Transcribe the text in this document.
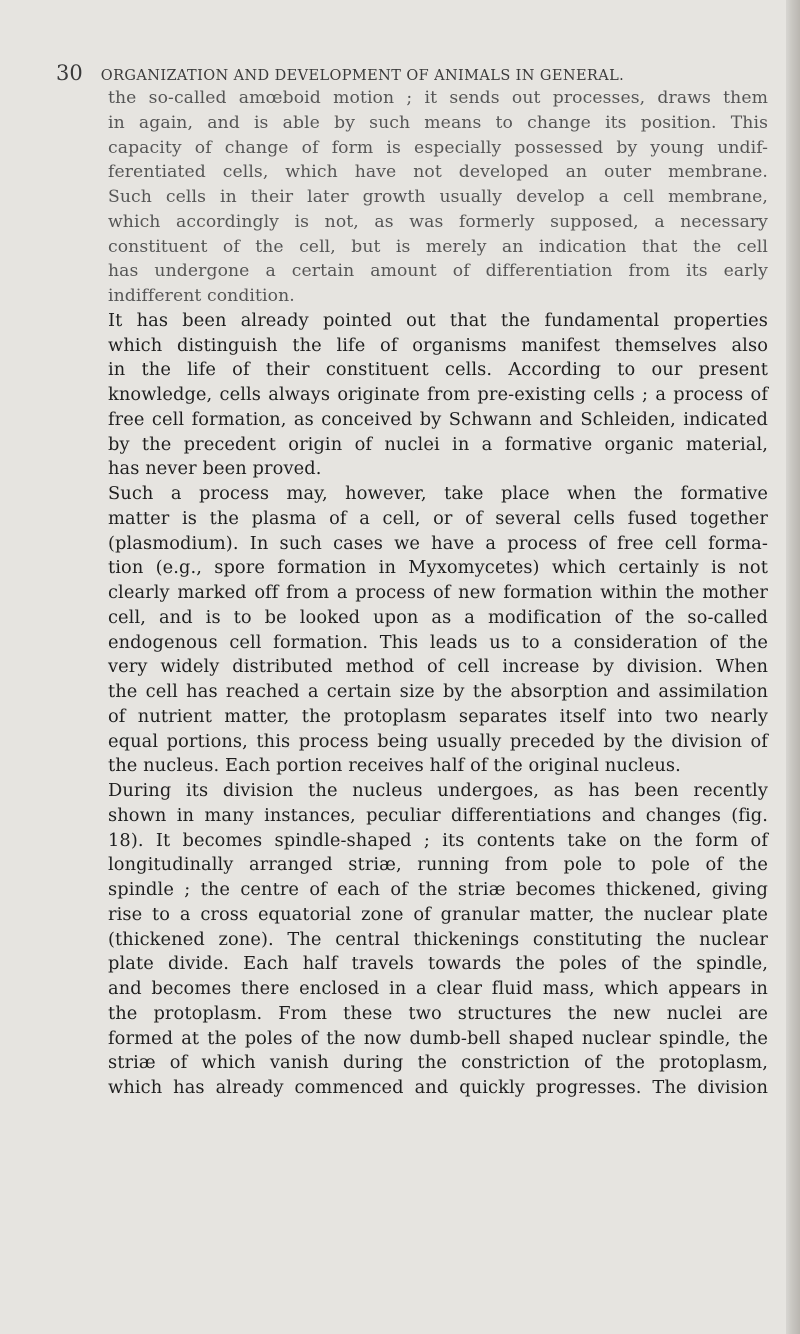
30 ORGANIZATION AND DEVELOPMENT OF ANIMALS IN GENERAL.
the so-called amœboid motion ; it sends out processes, draws them
in again, and is able by such means to change its position. This
capacity of change of form is especially possessed by young undif-
ferentiated cells, which have not developed an outer membrane.
Such cells in their later growth usually develop a cell membrane,
which accordingly is not, as was formerly supposed, a necessary
constituent of the cell, but is merely an indication that the cell
has undergone a certain amount of differentiation from its early
indifferent condition.
It has been already pointed out that the fundamental properties
which distinguish the life of organisms manifest themselves also
in the life of their constituent cells. According to our present
knowledge, cells always originate from pre-existing cells ; a process of
free cell formation, as conceived by Schwann and Schleiden, indicated
by the precedent origin of nuclei in a formative organic material,
has never been proved.
Such a process may, however, take place when the formative
matter is the plasma of a cell, or of several cells fused together
(plasmodium). In such cases we have a process of free cell forma-
tion (e.g., spore formation in Myxomycetes) which certainly is not
clearly marked off from a process of new formation within the mother
cell, and is to be looked upon as a modification of the so-called
endogenous cell formation. This leads us to a consideration of the
very widely distributed method of cell increase by division. When
the cell has reached a certain size by the absorption and assimilation
of nutrient matter, the protoplasm separates itself into two nearly
equal portions, this process being usually preceded by the division of
the nucleus. Each portion receives half of the original nucleus.
During its division the nucleus undergoes, as has been recently
shown in many instances, peculiar differentiations and changes (fig.
18). It becomes spindle-shaped ; its contents take on the form of
longitudinally arranged striæ, running from pole to pole of the
spindle ; the centre of each of the striæ becomes thickened, giving
rise to a cross equatorial zone of granular matter, the nuclear plate
(thickened zone). The central thickenings constituting the nuclear
plate divide. Each half travels towards the poles of the spindle,
and becomes there enclosed in a clear fluid mass, which appears in
the protoplasm. From these two structures the new nuclei are
formed at the poles of the now dumb-bell shaped nuclear spindle, the
striæ of which vanish during the constriction of the protoplasm,
which has already commenced and quickly progresses. The division
